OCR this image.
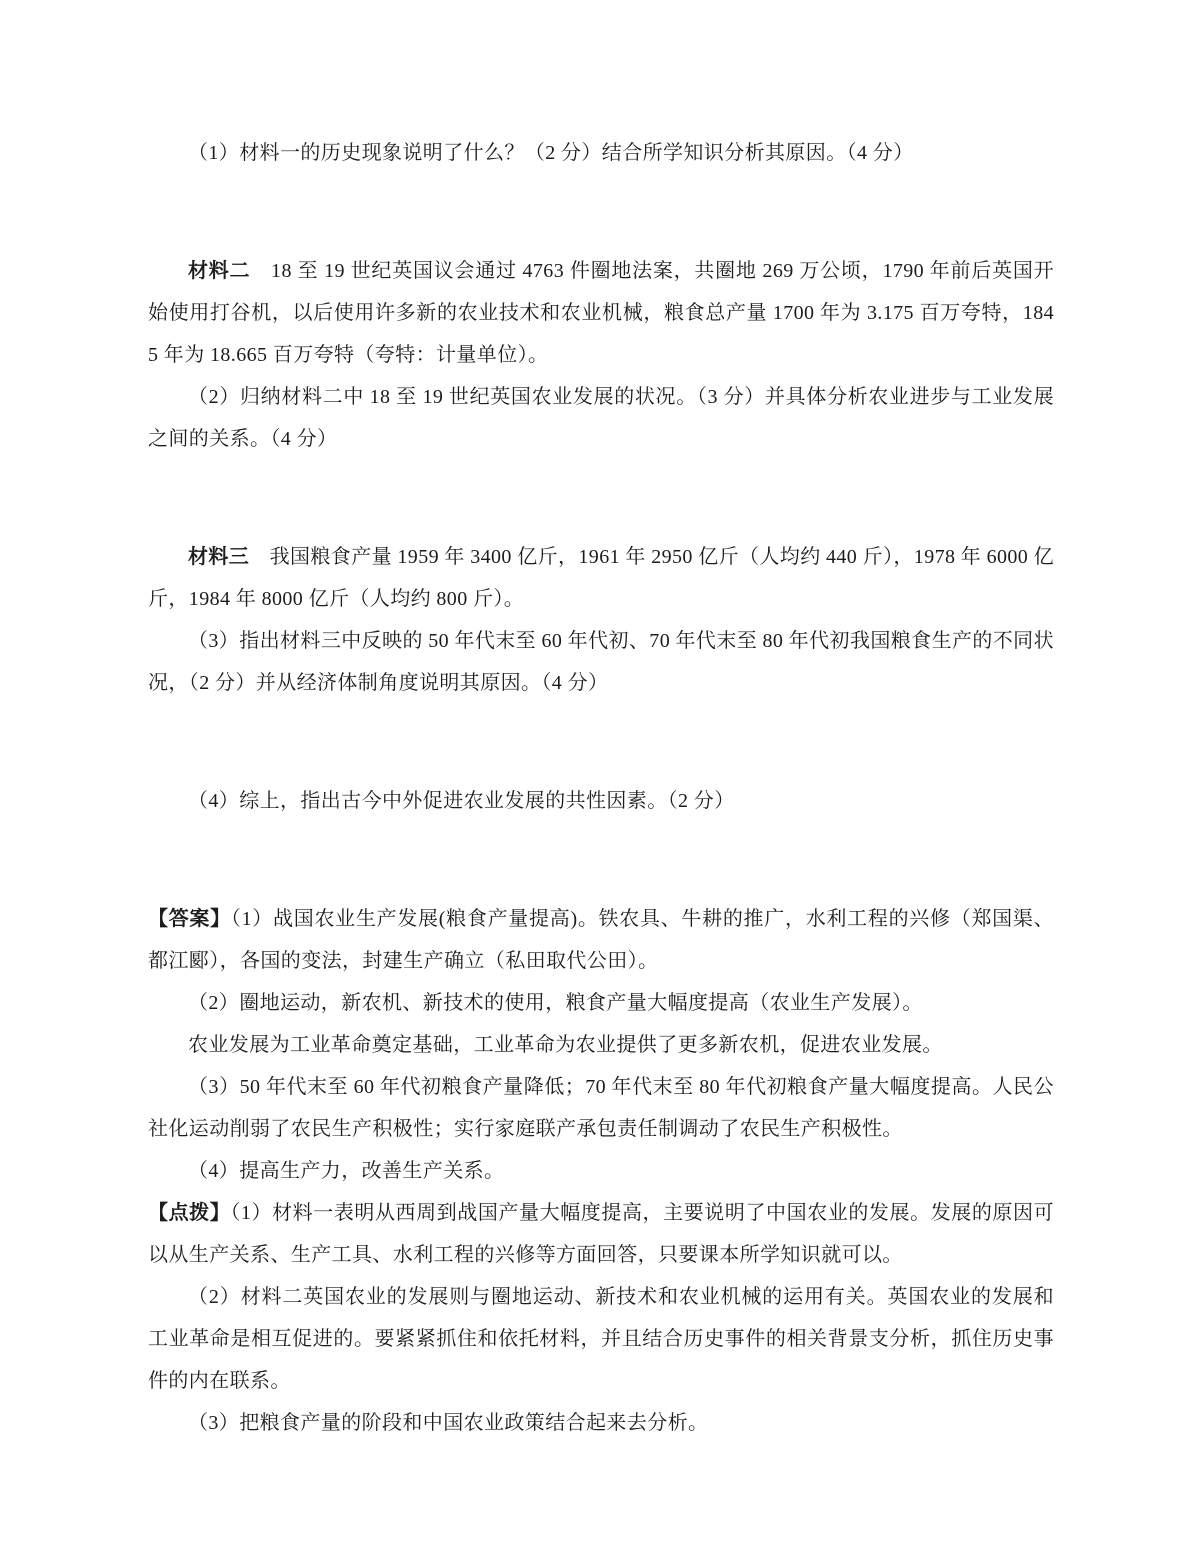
（1）材料一的历史现象说明了什么？（2 分）结合所学知识分析其原因。（4 分）

材料二　18 至 19 世纪英国议会通过 4763 件圈地法案，共圈地 269 万公顷，1790 年前后英国开始使用打谷机，以后使用许多新的农业技术和农业机械，粮食总产量 1700 年为 3.175 百万夸特，1845 年为 18.665 百万夸特（夸特：计量单位）。

（2）归纳材料二中 18 至 19 世纪英国农业发展的状况。（3 分）并具体分析农业进步与工业发展之间的关系。（4 分）

材料三　我国粮食产量 1959 年 3400 亿斤，1961 年 2950 亿斤（人均约 440 斤），1978 年 6000 亿斤，1984 年 8000 亿斤（人均约 800 斤）。

（3）指出材料三中反映的 50 年代末至 60 年代初、70 年代末至 80 年代初我国粮食生产的不同状况，（2 分）并从经济体制角度说明其原因。（4 分）

（4）综上，指出古今中外促进农业发展的共性因素。（2 分）

【答案】（1）战国农业生产发展(粮食产量提高)。铁农具、牛耕的推广，水利工程的兴修（郑国渠、都江郾），各国的变法，封建生产确立（私田取代公田）。

（2）圈地运动，新农机、新技术的使用，粮食产量大幅度提高（农业生产发展）。

农业发展为工业革命奠定基础，工业革命为农业提供了更多新农机，促进农业发展。

（3）50 年代末至 60 年代初粮食产量降低；70 年代末至 80 年代初粮食产量大幅度提高。人民公社化运动削弱了农民生产积极性；实行家庭联产承包责任制调动了农民生产积极性。

（4）提高生产力，改善生产关系。

【点拨】（1）材料一表明从西周到战国产量大幅度提高，主要说明了中国农业的发展。发展的原因可以从生产关系、生产工具、水利工程的兴修等方面回答，只要课本所学知识就可以。

（2）材料二英国农业的发展则与圈地运动、新技术和农业机械的运用有关。英国农业的发展和工业革命是相互促进的。要紧紧抓住和依托材料，并且结合历史事件的相关背景支分析，抓住历史事件的内在联系。

（3）把粮食产量的阶段和中国农业政策结合起来去分析。
